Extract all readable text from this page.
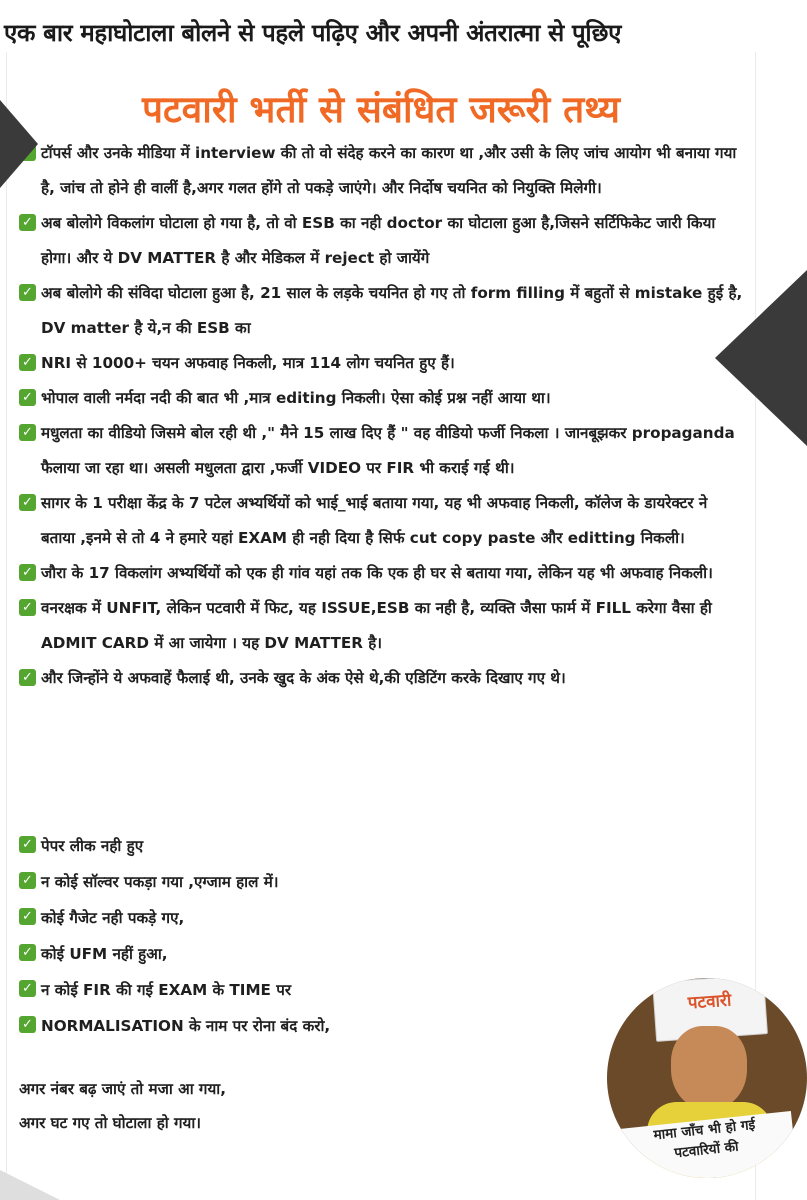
एक बार महाघोटाला बोलने से पहले पढ़िए और अपनी अंतरात्मा से पूछिए
पटवारी भर्ती से संबंधित जरूरी तथ्य
✓
टॉपर्स और उनके मीडिया में interview की तो वो संदेह करने का कारण था ,और उसी के लिए जांच आयोग भी बनाया गया है, जांच तो होने ही वालीं है,अगर गलत होंगे तो पकड़े जाएंगे। और निर्दोष चयनित को नियुक्ति मिलेगी।
✓
अब बोलोगे विकलांग घोटाला हो गया है, तो वो ESB का नही doctor का घोटाला हुआ है,जिसने सर्टिफिकेट जारी किया होगा। और ये DV MATTER है और मेडिकल में reject हो जायेंगे
✓
अब बोलोगे की संविदा घोटाला हुआ है, 21 साल के लड़के चयनित हो गए तो form filling में बहुतों से mistake हुई है, DV matter है ये,न की ESB का
✓
NRI से 1000+ चयन अफवाह निकली, मात्र 114 लोग चयनित हुए हैं।
✓
भोपाल वाली नर्मदा नदी की बात भी ,मात्र editing निकली। ऐसा कोई प्रश्न नहीं आया था।
✓
मधुलता का वीडियो जिसमे बोल रही थी ," मैने 15 लाख दिए हैं " वह वीडियो फर्जी निकला । जानबूझकर propaganda फैलाया जा रहा था। असली मधुलता द्वारा ,फर्जी VIDEO पर FIR भी कराई गई थी।
✓
सागर के 1 परीक्षा केंद्र के 7 पटेल अभ्यर्थियों को भाई_भाई बताया गया, यह भी अफवाह निकली, कॉलेज के डायरेक्टर ने बताया ,इनमे से तो 4 ने हमारे यहां EXAM ही नही दिया है सिर्फ cut copy paste और editting निकली।
✓
जौरा के 17 विकलांग अभ्यर्थियों को एक ही गांव यहां तक कि एक ही घर से बताया गया, लेकिन यह भी अफवाह निकली।
✓
वनरक्षक में UNFIT, लेकिन पटवारी में फिट, यह ISSUE,ESB का नही है, व्यक्ति जैसा फार्म में FILL करेगा वैसा ही ADMIT CARD में आ जायेगा । यह DV MATTER है।
✓
और जिन्होंने ये अफवाहें फैलाई थी, उनके खुद के अंक ऐसे थे,की एडिटिंग करके दिखाए गए थे।
✓
पेपर लीक नही हुए
✓
न कोई सॉल्वर पकड़ा गया ,एग्जाम हाल में।
✓
कोई गैजेट नही पकड़े गए,
✓
कोई UFM नहीं हुआ,
✓
न कोई FIR की गई EXAM के TIME पर
✓
NORMALISATION के नाम पर रोना बंद करो,
अगर नंबर बढ़ जाएं तो मजा आ गया,
अगर घट गए तो घोटाला हो गया।
पटवारी
मामा जाँच भी हो गई
पटवारियों की
